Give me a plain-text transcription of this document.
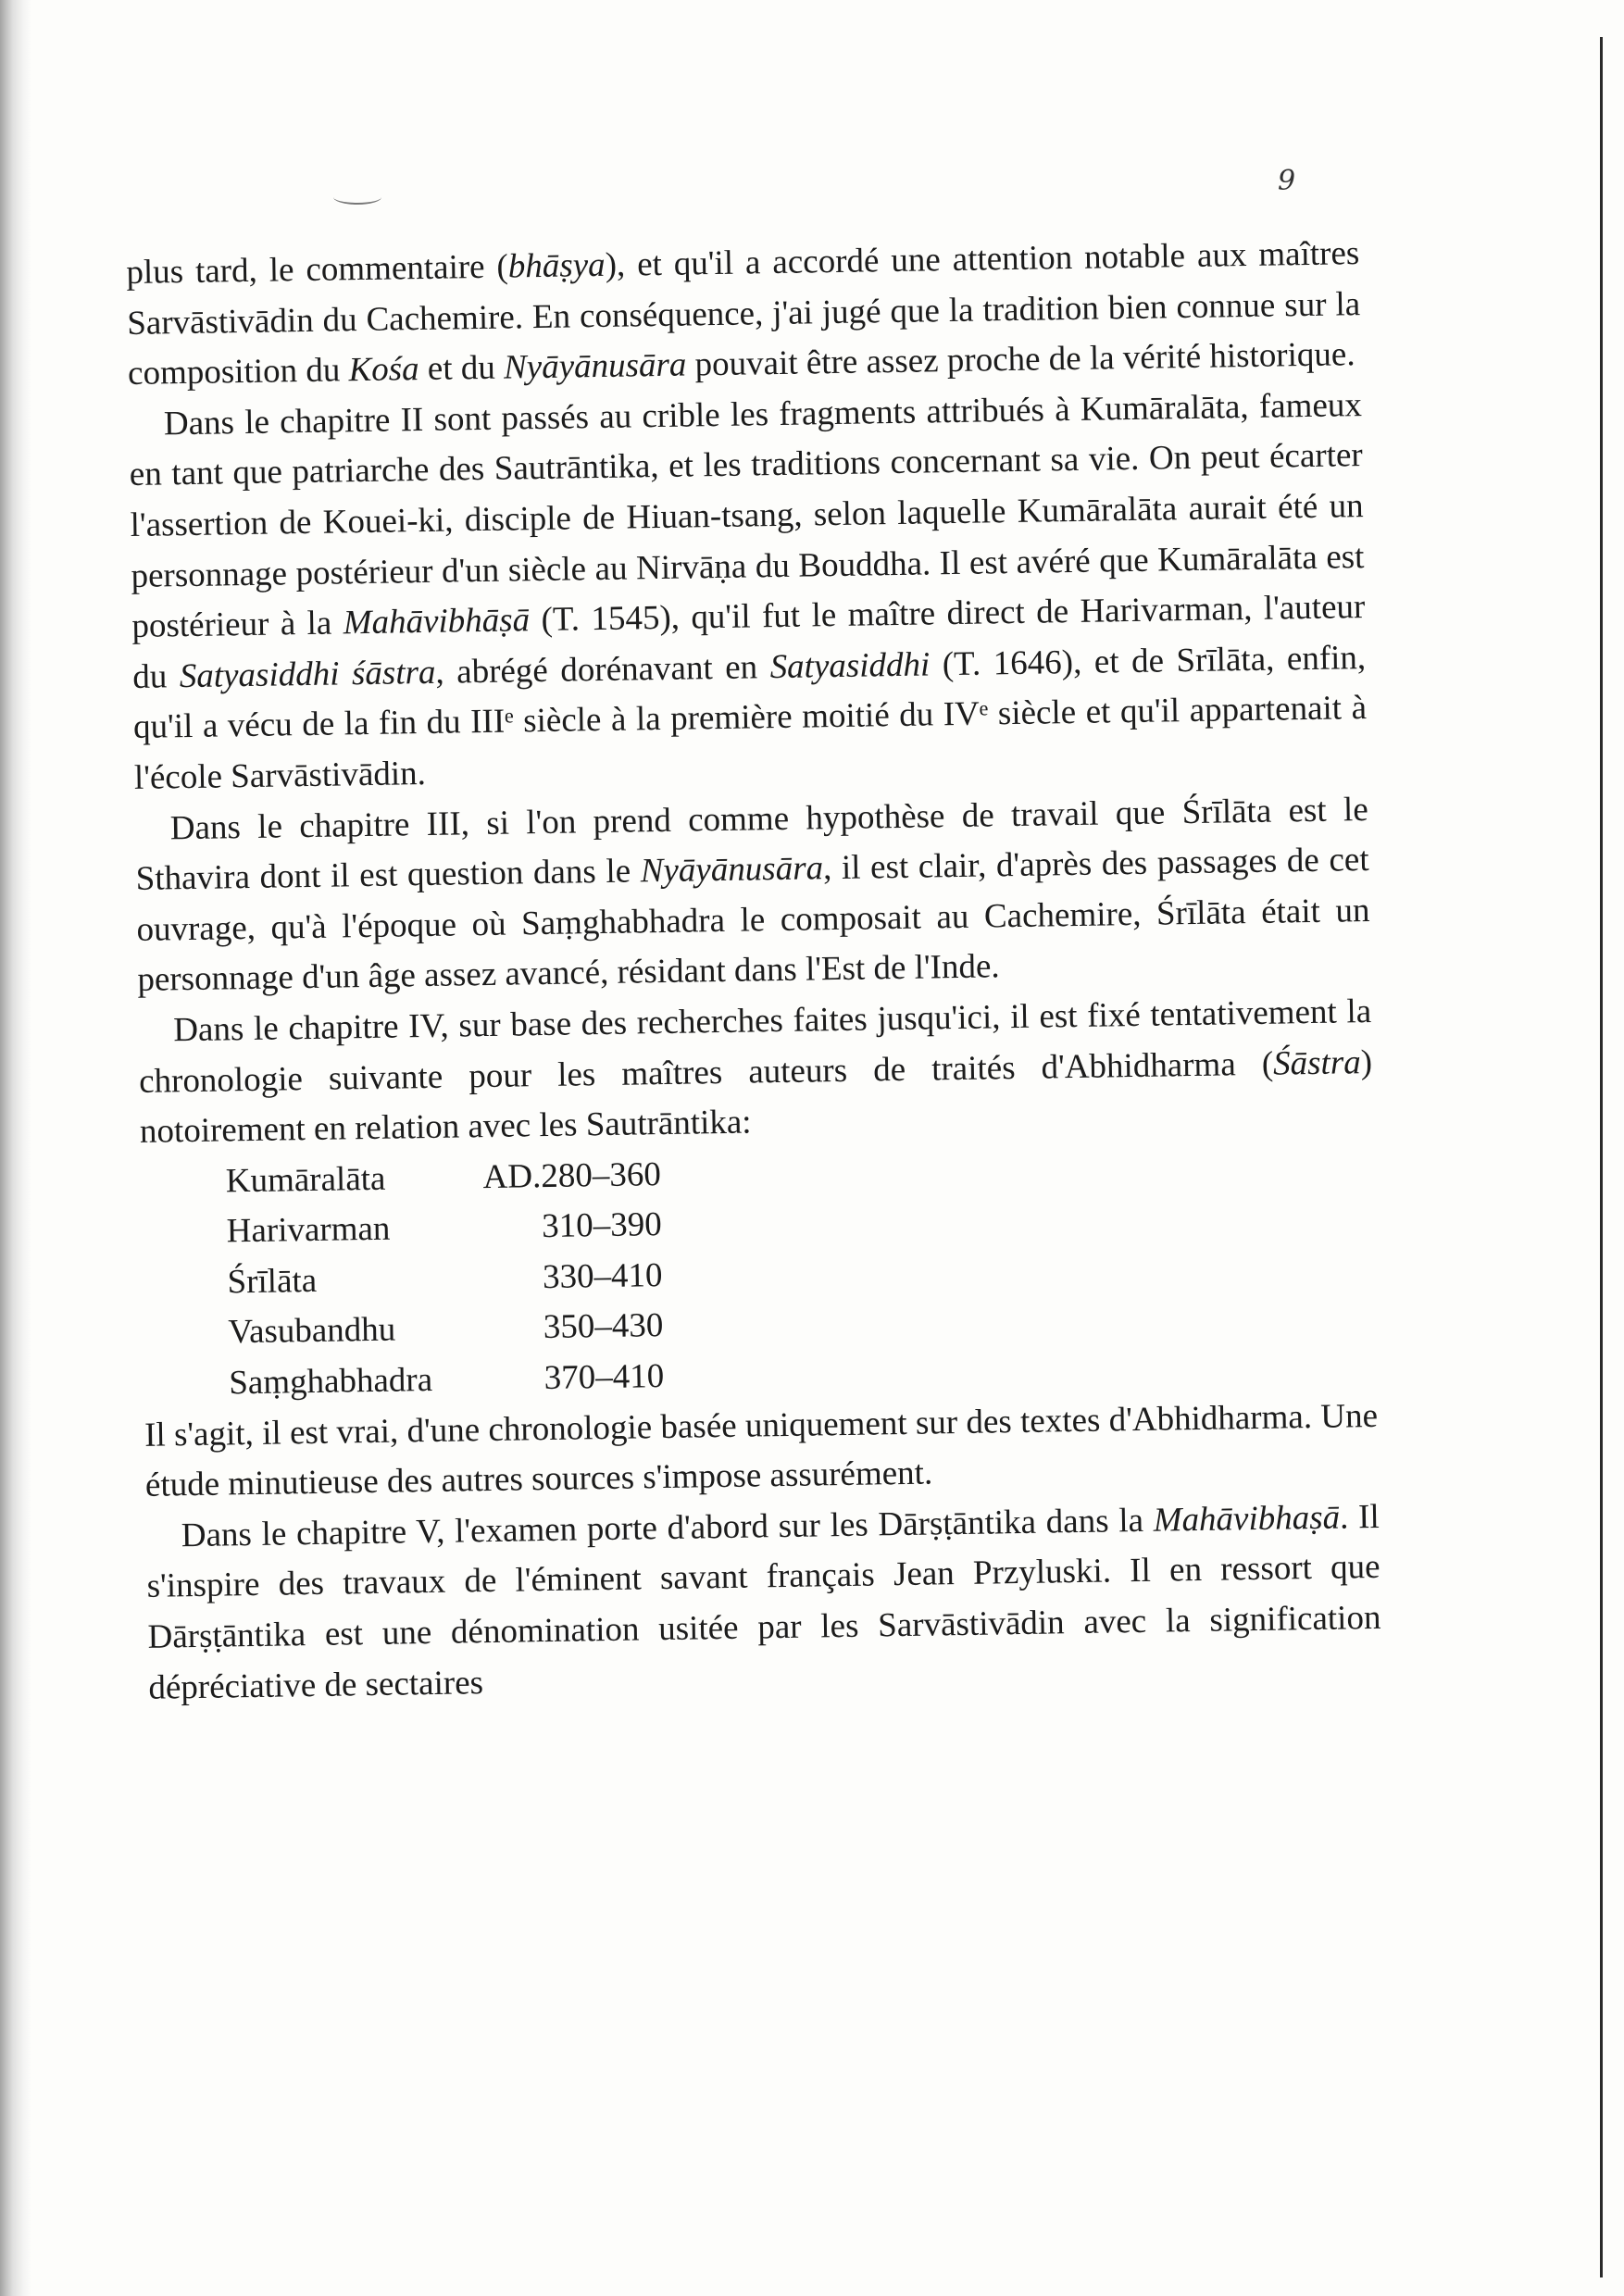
9

plus tard, le commentaire (bhāṣya), et qu'il a accordé une attention notable aux maîtres Sarvāstivādin du Cachemire. En conséquence, j'ai jugé que la tradition bien connue sur la composition du Kośa et du Nyāyānusāra pouvait être assez proche de la vérité historique.

Dans le chapitre II sont passés au crible les fragments attribués à Kumāralāta, fameux en tant que patriarche des Sautrāntika, et les traditions concernant sa vie. On peut écarter l'assertion de Kouei-ki, disciple de Hiuan-tsang, selon laquelle Kumāralāta aurait été un personnage postérieur d'un siècle au Nirvāṇa du Bouddha. Il est avéré que Kumāralāta est postérieur à la Mahāvibhāṣā (T. 1545), qu'il fut le maître direct de Harivarman, l'auteur du Satyasiddhi śāstra, abrégé dorénavant en Satyasiddhi (T. 1646), et de Srīlāta, enfin, qu'il a vécu de la fin du IIIᵉ siècle à la première moitié du IVᵉ siècle et qu'il appartenait à l'école Sarvāstivādin.

Dans le chapitre III, si l'on prend comme hypothèse de travail que Śrīlāta est le Sthavira dont il est question dans le Nyāyānusāra, il est clair, d'après des passages de cet ouvrage, qu'à l'époque où Saṃghabhadra le composait au Cachemire, Śrīlāta était un personnage d'un âge assez avancé, résidant dans l'Est de l'Inde.

Dans le chapitre IV, sur base des recherches faites jusqu'ici, il est fixé tentativement la chronologie suivante pour les maîtres auteurs de traités d'Abhidharma (Śāstra) notoirement en relation avec les Sautrāntika:

Kumāralāta	AD.280–360
Harivarman	310–390
Śrīlāta	330–410
Vasubandhu	350–430
Saṃghabhadra	370–410

Il s'agit, il est vrai, d'une chronologie basée uniquement sur des textes d'Abhidharma. Une étude minutieuse des autres sources s'impose assurément.

Dans le chapitre V, l'examen porte d'abord sur les Dārṣṭāntika dans la Mahāvibhaṣā. Il s'inspire des travaux de l'éminent savant français Jean Przyluski. Il en ressort que Dārṣṭāntika est une dénomination usitée par les Sarvāstivādin avec la signification dépréciative de sectaires
